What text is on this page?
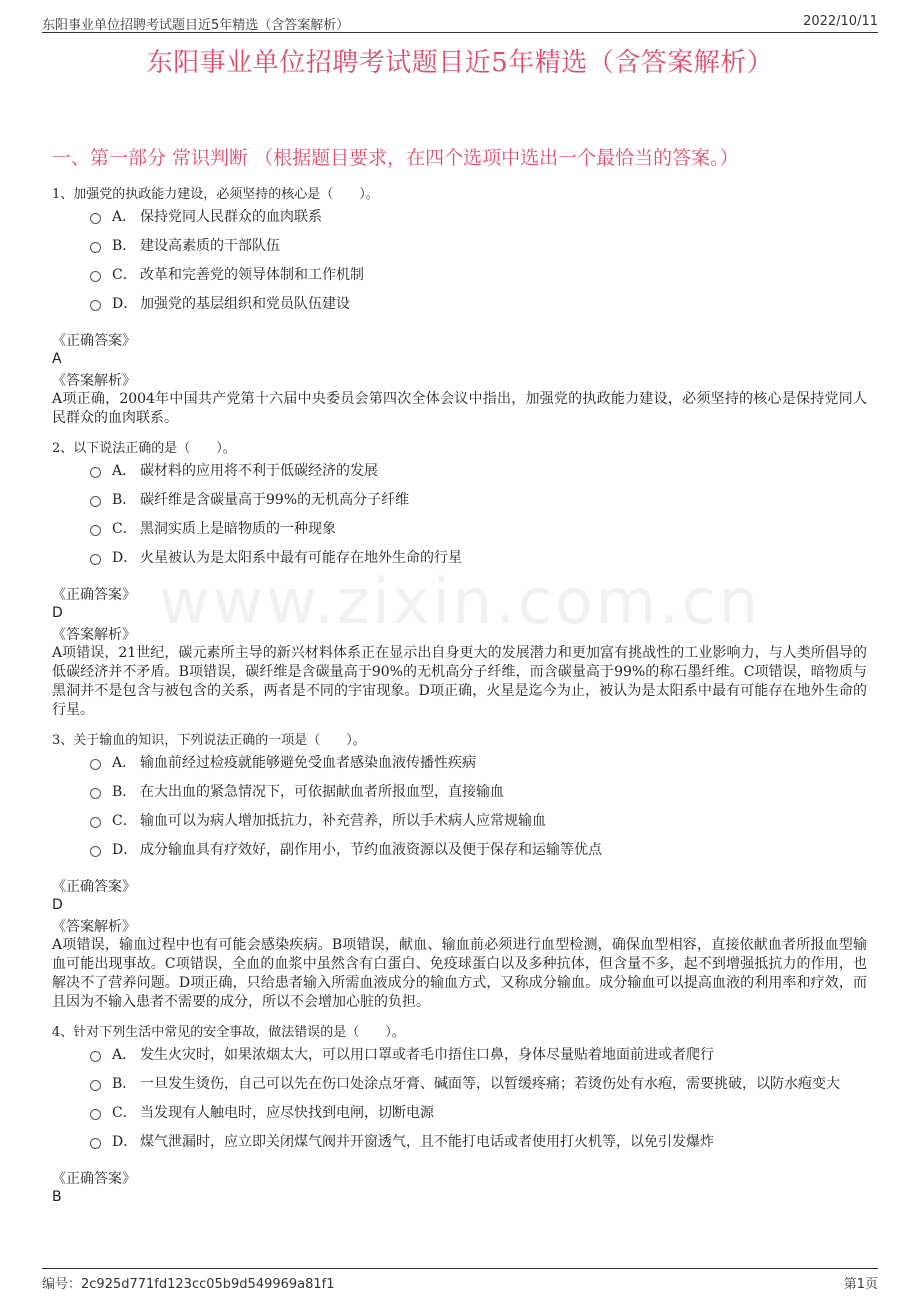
东阳事业单位招聘考试题目近5年精选（含答案解析）	2022/10/11
东阳事业单位招聘考试题目近5年精选（含答案解析）
一、第一部分 常识判断 （根据题目要求，在四个选项中选出一个最恰当的答案。）
www.zixin.com.cn
1、加强党的执政能力建设，必须坚持的核心是（　　）。
A． 保持党同人民群众的血肉联系
B． 建设高素质的干部队伍
C． 改革和完善党的领导体制和工作机制
D． 加强党的基层组织和党员队伍建设
《正确答案》
A
《答案解析》
A项正确，2004年中国共产党第十六届中央委员会第四次全体会议中指出，加强党的执政能力建设，必须坚持的核心是保持党同人民群众的血肉联系。
2、以下说法正确的是（　　）。
A． 碳材料的应用将不利于低碳经济的发展
B． 碳纤维是含碳量高于99%的无机高分子纤维
C． 黑洞实质上是暗物质的一种现象
D． 火星被认为是太阳系中最有可能存在地外生命的行星
《正确答案》
D
《答案解析》
A项错误，21世纪，碳元素所主导的新兴材料体系正在显示出自身更大的发展潜力和更加富有挑战性的工业影响力，与人类所倡导的低碳经济并不矛盾。B项错误，碳纤维是含碳量高于90%的无机高分子纤维，而含碳量高于99%的称石墨纤维。C项错误，暗物质与黑洞并不是包含与被包含的关系，两者是不同的宇宙现象。D项正确，火星是迄今为止，被认为是太阳系中最有可能存在地外生命的行星。
3、关于输血的知识，下列说法正确的一项是（　　）。
A． 输血前经过检疫就能够避免受血者感染血液传播性疾病
B． 在大出血的紧急情况下，可依据献血者所报血型，直接输血
C． 输血可以为病人增加抵抗力，补充营养，所以手术病人应常规输血
D． 成分输血具有疗效好，副作用小，节约血液资源以及便于保存和运输等优点
《正确答案》
D
《答案解析》
A项错误，输血过程中也有可能会感染疾病。B项错误，献血、输血前必须进行血型检测，确保血型相容，直接依献血者所报血型输血可能出现事故。C项错误，全血的血浆中虽然含有白蛋白、免疫球蛋白以及多种抗体，但含量不多，起不到增强抵抗力的作用，也解决不了营养问题。D项正确，只给患者输入所需血液成分的输血方式，又称成分输血。成分输血可以提高血液的利用率和疗效，而且因为不输入患者不需要的成分，所以不会增加心脏的负担。
4、针对下列生活中常见的安全事故，做法错误的是（　　）。
A． 发生火灾时，如果浓烟太大，可以用口罩或者毛巾捂住口鼻，身体尽量贴着地面前进或者爬行
B． 一旦发生烫伤，自己可以先在伤口处涂点牙膏、碱面等，以暂缓疼痛；若烫伤处有水疱，需要挑破，以防水疱变大
C． 当发现有人触电时，应尽快找到电闸，切断电源
D． 煤气泄漏时，应立即关闭煤气阀并开窗透气，且不能打电话或者使用打火机等，以免引发爆炸
《正确答案》
B
编号：2c925d771fd123cc05b9d549969a81f1	第1页
